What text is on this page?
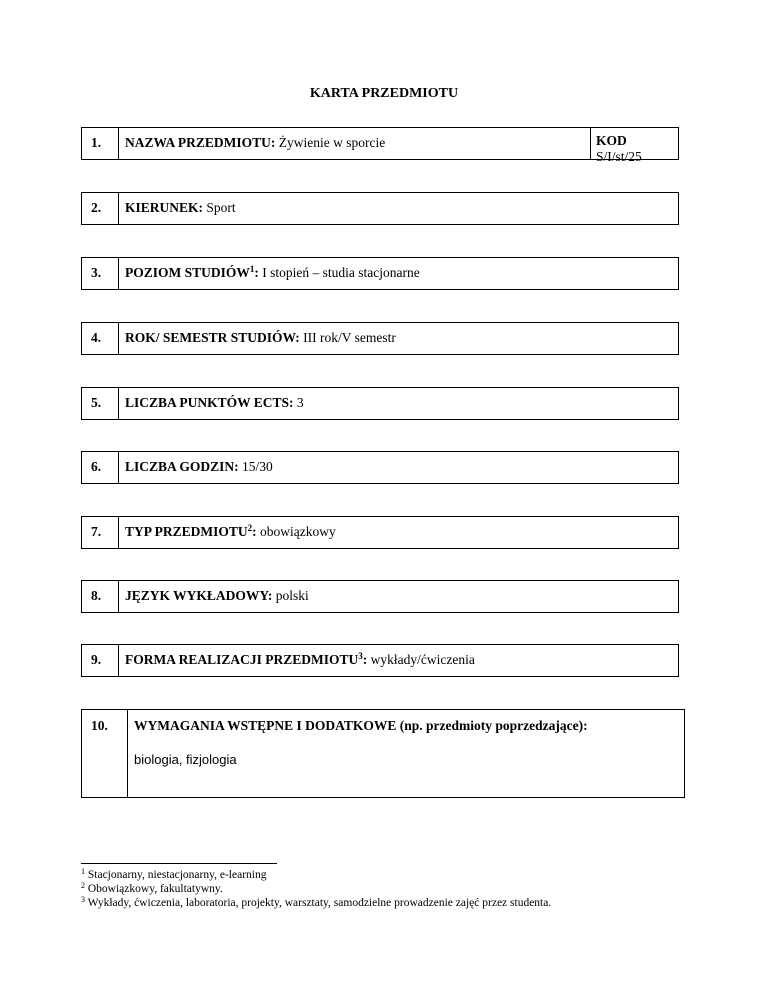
KARTA PRZEDMIOTU
1.	NAZWA PRZEDMIOTU: Żywienie w sporcie	KOD
S/I/st/25
2.	KIERUNEK: Sport
3.	POZIOM STUDIÓW$^1$: I stopień – studia stacjonarne
4.	ROK/ SEMESTR STUDIÓW: III rok/V semestr
5.	LICZBA PUNKTÓW ECTS: 3
6.	LICZBA GODZIN: 15/30
7.	TYP PRZEDMIOTU$^2$: obowiązkowy
8.	JĘZYK WYKŁADOWY: polski
9.	FORMA REALIZACJI PRZEDMIOTU$^3$: wykłady/ćwiczenia
10.	WYMAGANIA WSTĘPNE I DODATKOWE (np. przedmioty poprzedzające):
biologia, fizjologia
$^1$ Stacjonarny, niestacjonarny, e-learning
$^2$ Obowiązkowy, fakultatywny.
$^3$ Wykłady, ćwiczenia, laboratoria, projekty, warsztaty, samodzielne prowadzenie zajęć przez studenta.
